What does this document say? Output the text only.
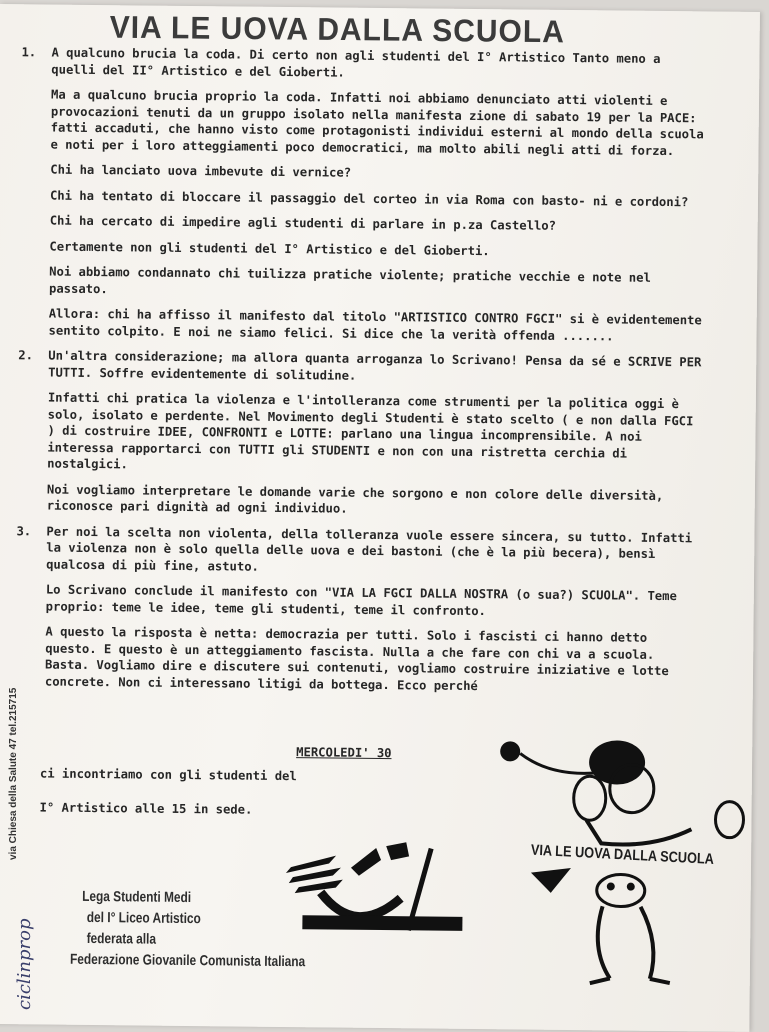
VIA LE UOVA DALLA SCUOLA

1.	A qualcuno brucia la coda. Di certo non agli studenti del I° Artistico Tanto meno a quelli del II° Artistico e del Gioberti.

Ma a qualcuno brucia proprio la coda. Infatti noi abbiamo denunciato atti violenti e provocazioni tenuti da un gruppo isolato nella manifesta zione di sabato 19 per la PACE: fatti accaduti, che hanno visto come protagonisti individui esterni al mondo della scuola e noti per i loro atteggiamenti poco democratici, ma molto abili negli atti di forza.

Chi ha lanciato uova imbevute di vernice?

Chi ha tentato di bloccare il passaggio del corteo in via Roma con basto- ni e cordoni?

Chi ha cercato di impedire agli studenti di parlare in p.za Castello?

Certamente non gli studenti del I° Artistico e del Gioberti.

Noi abbiamo condannato chi tuilizza pratiche violente; pratiche vecchie e note nel passato.

Allora: chi ha affisso il manifesto dal titolo "ARTISTICO CONTRO FGCI" si è evidentemente sentito colpito. E noi ne siamo felici. Si dice che la verità offenda .......

2.	Un'altra considerazione; ma allora quanta arroganza lo Scrivano! Pensa da sé e SCRIVE PER TUTTI. Soffre evidentemente di solitudine.

Infatti chi pratica la violenza e l'intolleranza come strumenti per la politica oggi è solo, isolato e perdente. Nel Movimento degli Studenti è stato scelto ( e non dalla FGCI ) di costruire IDEE, CONFRONTI e LOTTE: parlano una lingua incomprensibile. A noi interessa rapportarci con TUTTI gli STUDENTI e non con una ristretta cerchia di nostalgici.

Noi vogliamo interpretare le domande varie che sorgono e non colore delle diversità, riconosce pari dignità ad ogni individuo.

3.	Per noi la scelta non violenta, della tolleranza vuole essere sincera, su tutto. Infatti la violenza non è solo quella delle uova e dei bastoni (che è la più becera), bensì qualcosa di più fine, astuto.

Lo Scrivano conclude il manifesto con "VIA LA FGCI DALLA NOSTRA (o sua?) SCUOLA". Teme proprio: teme le idee, teme gli studenti, teme il confronto.

A questo la risposta è netta: democrazia per tutti. Solo i fascisti ci hanno detto questo. E questo è un atteggiamento fascista. Nulla a che fare con chi va a scuola. Basta. Vogliamo dire e discutere sui contenuti, vogliamo costruire iniziative e lotte concrete. Non ci interessano litigi da bottega. Ecco perché

MERCOLEDI' 30
ci incontriamo con gli studenti del
I° Artistico alle 15 in sede.
VIA LE UOVA DALLA SCUOLA
Lega Studenti Medi
del I° Liceo Artistico
federata alla
Federazione Giovanile Comunista Italiana
via Chiesa della Salute 47 tel.215715
ciclinprop
